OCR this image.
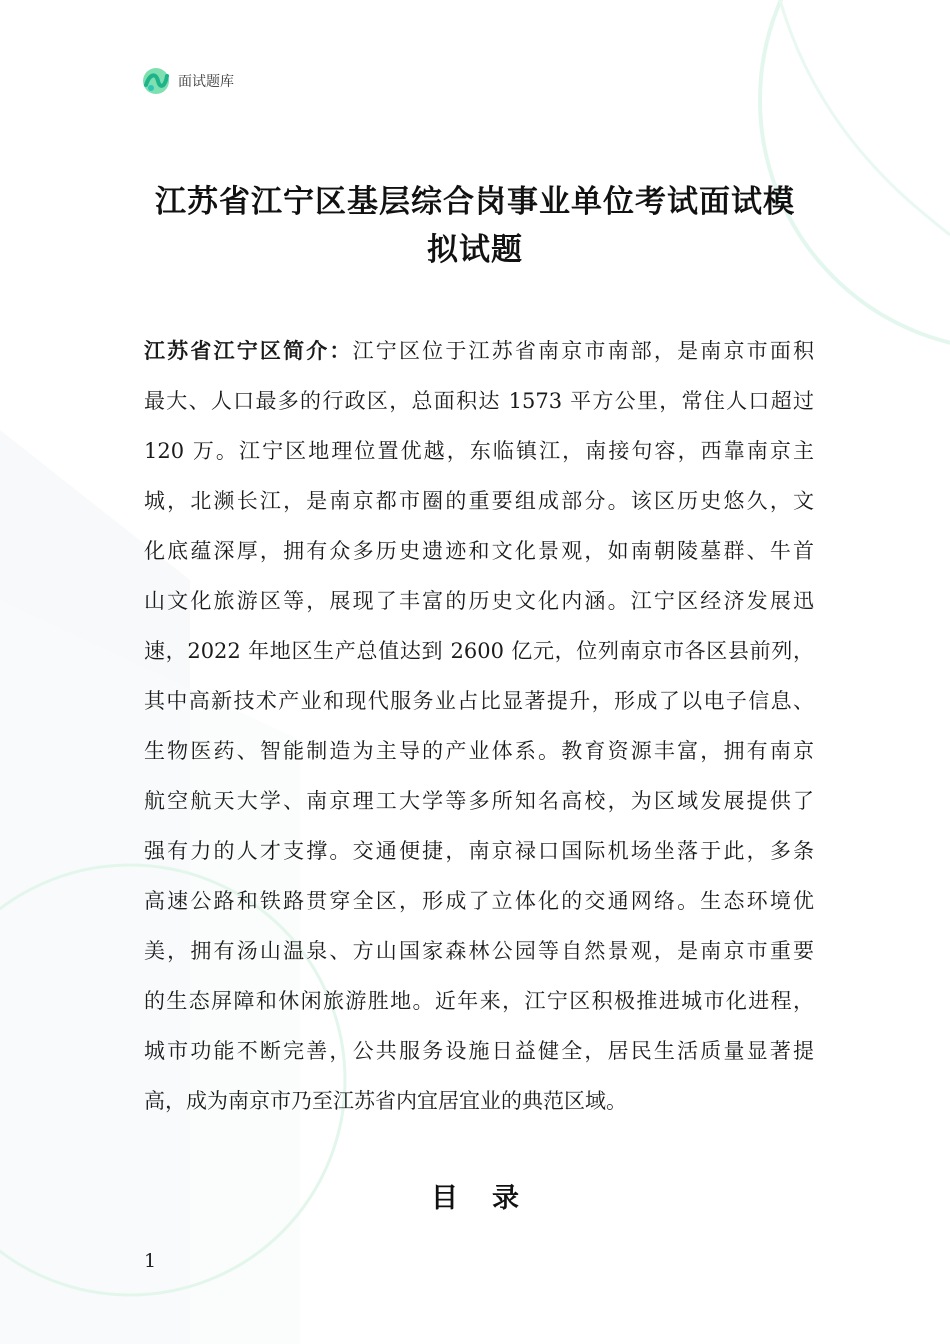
面试题库
江苏省江宁区基层综合岗事业单位考试面试模
拟试题
江苏省江宁区简介：江宁区位于江苏省南京市南部，是南京市面积
最大、人口最多的行政区，总面积达 1573 平方公里，常住人口超过
120 万。江宁区地理位置优越，东临镇江，南接句容，西靠南京主
城，北濒长江，是南京都市圈的重要组成部分。该区历史悠久，文
化底蕴深厚，拥有众多历史遗迹和文化景观，如南朝陵墓群、牛首
山文化旅游区等，展现了丰富的历史文化内涵。江宁区经济发展迅
速，2022 年地区生产总值达到 2600 亿元，位列南京市各区县前列，
其中高新技术产业和现代服务业占比显著提升，形成了以电子信息、
生物医药、智能制造为主导的产业体系。教育资源丰富，拥有南京
航空航天大学、南京理工大学等多所知名高校，为区域发展提供了
强有力的人才支撑。交通便捷，南京禄口国际机场坐落于此，多条
高速公路和铁路贯穿全区，形成了立体化的交通网络。生态环境优
美，拥有汤山温泉、方山国家森林公园等自然景观，是南京市重要
的生态屏障和休闲旅游胜地。近年来，江宁区积极推进城市化进程，
城市功能不断完善，公共服务设施日益健全，居民生活质量显著提
高，成为南京市乃至江苏省内宜居宜业的典范区域。
目录
1
